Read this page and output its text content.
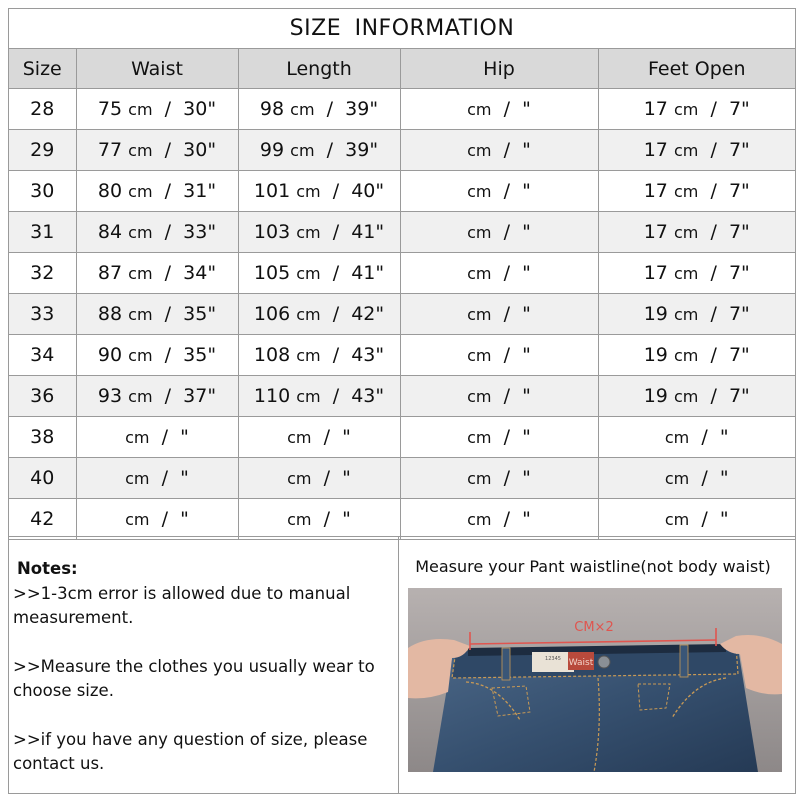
SIZE INFORMATION
Size	Waist	Length	Hip	Feet Open
28	75 cm / 30"	98 cm / 39"	cm / "	17 cm / 7"
29	77 cm / 30"	99 cm / 39"	cm / "	17 cm / 7"
30	80 cm / 31"	101 cm / 40"	cm / "	17 cm / 7"
31	84 cm / 33"	103 cm / 41"	cm / "	17 cm / 7"
32	87 cm / 34"	105 cm / 41"	cm / "	17 cm / 7"
33	88 cm / 35"	106 cm / 42"	cm / "	19 cm / 7"
34	90 cm / 35"	108 cm / 43"	cm / "	19 cm / 7"
36	93 cm / 37"	110 cm / 43"	cm / "	19 cm / 7"
38	cm / "	cm / "	cm / "	cm / "
40	cm / "	cm / "	cm / "	cm / "
42	cm / "	cm / "	cm / "	cm / "
Notes:

>>1-3cm error is allowed due to manual measurement.

>>Measure the clothes you usually wear to choose size.

>>if you have any question of size, please contact us.

Measure your Pant waistline(not body waist)
12345 Waist
CM×2
